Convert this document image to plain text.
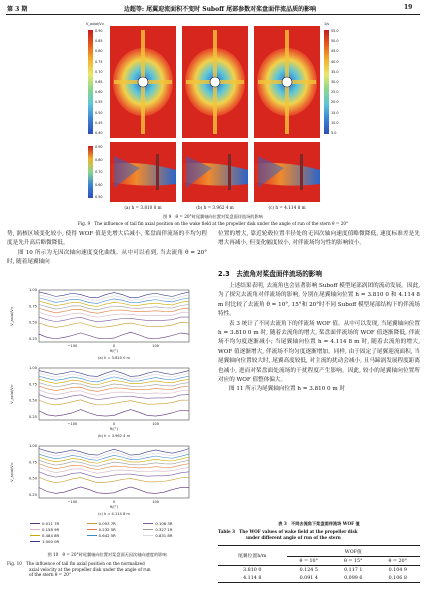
第 3 期	边超等: 尾翼迎流面积不变时 Suboff 尾部参数对桨盘面伴流品质的影响	19
V_axial/V∞
0.90
0.85
0.80
0.75
0.70
0.65
0.60
0.55
0.50
0.45
0.40
1/s
55.0
50.0
45.0
40.0
35.0
30.0
25.0
20.0
15.0
10.0
5.0
0.90
0.80
0.70
0.60
0.50
(a) h = 3.810 0 m	(b) h = 3.962 4 m	(c) h = 4.114 8 m
图 9　θ = 20°时尾翼轴向位置对桨盘面伴流场的影响
Fig. 9　The influence of tail fin axial position on the wake field at the propeller disk under the angle of run of the stern θ = 20°

势, 涡核区域变化较小, 使得 WOF 值是先增大后减小, 桨盘面伴流场的不均匀程度是先升高后略微降低。

图 10 所示为无因次轴向速度变化曲线。从中可以看到, 当去流角 θ = 20°时, 随着尾翼轴向

1.00
0.75
0.50
0.25
−100	0	100
θ/(°)
V_axial/V∞
(a) h = 3.810 0 m
1.00
0.75
0.50
0.25
−100	0	100
θ/(°)
V_axial/V∞
(b) h = 3.962 4 m
1.00
0.75
0.50
0.25
−100	0	100
θ/(°)
V_axial/V∞
(c) h = 4.114 8 m
0.011 7R	0.053 7R	0.106 3R
0.158 9R	0.232 5R	0.327 1R
0.484 8R	0.642 5R	0.831 8R
1.000 0R
图 10　θ = 20°时尾翼轴向位置对桨盘面无因次轴向速度的影响
Fig. 10　The influence of tail fin axial position on the normalized
axial velocity at the propeller disk under the angle of run
of the stern θ = 20°

位置的增大, 靠近轮毂位置半径处的无因次轴向速度值略微降低, 速度标准差是先增大再减小, 但变化幅度较小, 对伴流场均匀性的影响较小。

2.3　去流角对桨盘面伴流场的影响

上述结果表明, 去流角也会显著影响 Suboff 模型尾部涡团的流动发展。因此, 为了探究去流角对伴流场的影响, 分别在尾翼轴向位置 h = 3.810 0 和 4.114 8 m 时比较了去流角 θ = 10°, 15°和 20°时不同 Suboff 模型尾部结构下的伴流场特性。

表 3 统计了不同去流角下的伴流场 WOF 值。从中可以发现, 当尾翼轴向位置 h = 3.810 0 m 时, 随着去流角的增大, 桨盘面伴流场的 WOF 值逐渐降低, 伴流场不均匀度逐渐减小; 当尾翼轴向位置 h = 4.114 8 m 时, 随着去流角的增大, WOF 值逐渐增大, 伴流场不均匀度逐渐增加。同样, 由于固定了尾翼迎流面积, 当尾翼轴向位置较大时, 尾翼高度较低, 对主流的扰动会减小, 且马蹄涡发展程度距离也减小, 进而对桨盘面处流场的干扰程度产生影响。因此, 较小的尾翼轴向位置所对应的 WOF 值整体偏大。

图 11 所示为尾翼轴向位置 h = 3.810 0 m 时

表 3　不同去流角下桨盘面伴流场 WOF 值
Table 3　The WOF values of wake field at the propeller disk
under different angle of run of the stern
尾翼位置h/m	WOF值		
	θ = 10°	θ = 15°	θ = 20°
3.810 0	0.124 5	0.117 1	0.104 9
4.114 8	0.091 4	0.099 6	0.106 8
